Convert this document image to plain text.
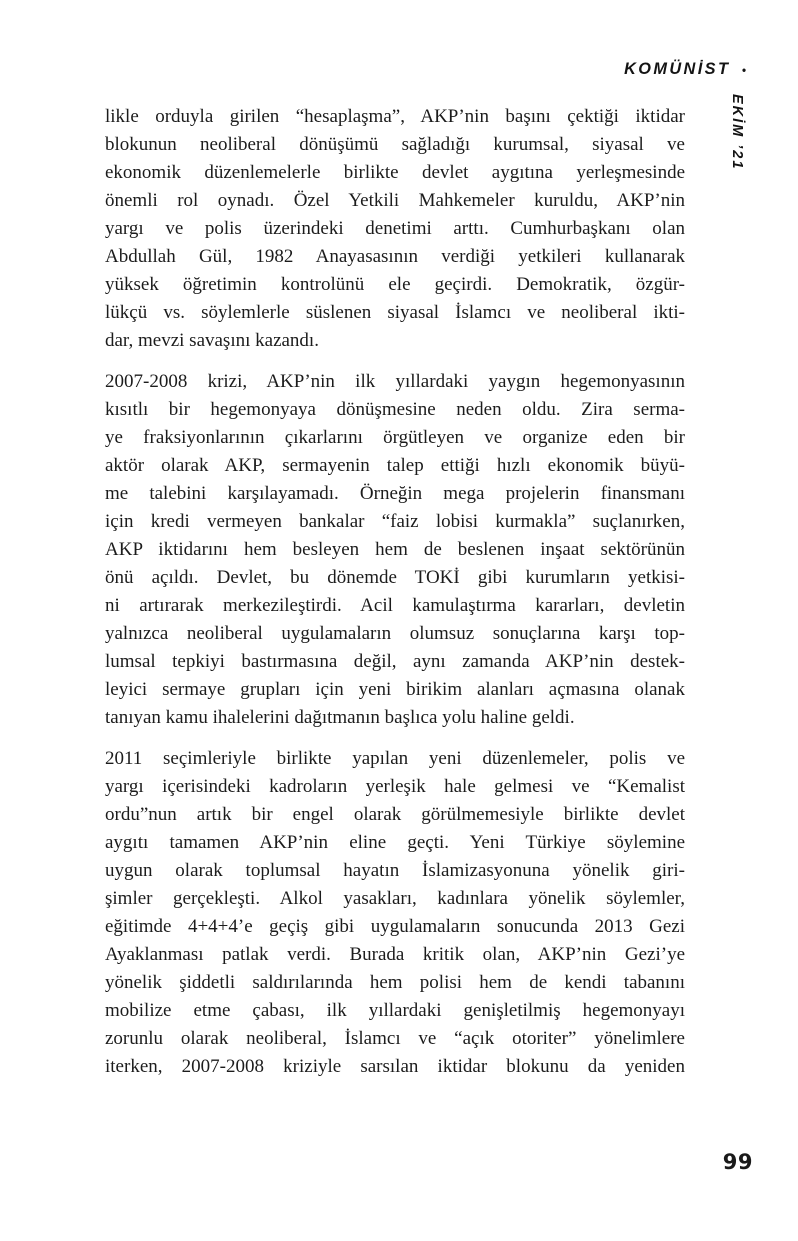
KOMÜNİST •
EKİM ’21

likle orduyla girilen “hesaplaşma”, AKP’nin başını çektiği iktidar
blokunun neoliberal dönüşümü sağladığı kurumsal, siyasal ve
ekonomik düzenlemelerle birlikte devlet aygıtına yerleşmesinde
önemli rol oynadı. Özel Yetkili Mahkemeler kuruldu, AKP’nin
yargı ve polis üzerindeki denetimi arttı. Cumhurbaşkanı olan
Abdullah Gül, 1982 Anayasasının verdiği yetkileri kullanarak
yüksek öğretimin kontrolünü ele geçirdi. Demokratik, özgür-
lükçü vs. söylemlerle süslenen siyasal İslamcı ve neoliberal ikti-
dar, mevzi savaşını kazandı.

2007-2008 krizi, AKP’nin ilk yıllardaki yaygın hegemonyasının
kısıtlı bir hegemonyaya dönüşmesine neden oldu. Zira serma-
ye fraksiyonlarının çıkarlarını örgütleyen ve organize eden bir
aktör olarak AKP, sermayenin talep ettiği hızlı ekonomik büyü-
me talebini karşılayamadı. Örneğin mega projelerin finansmanı
için kredi vermeyen bankalar “faiz lobisi kurmakla” suçlanırken,
AKP iktidarını hem besleyen hem de beslenen inşaat sektörünün
önü açıldı. Devlet, bu dönemde TOKİ gibi kurumların yetkisi-
ni artırarak merkezileştirdi. Acil kamulaştırma kararları, devletin
yalnızca neoliberal uygulamaların olumsuz sonuçlarına karşı top-
lumsal tepkiyi bastırmasına değil, aynı zamanda AKP’nin destek-
leyici sermaye grupları için yeni birikim alanları açmasına olanak
tanıyan kamu ihalelerini dağıtmanın başlıca yolu haline geldi.

2011 seçimleriyle birlikte yapılan yeni düzenlemeler, polis ve
yargı içerisindeki kadroların yerleşik hale gelmesi ve “Kemalist
ordu”nun artık bir engel olarak görülmemesiyle birlikte devlet
aygıtı tamamen AKP’nin eline geçti. Yeni Türkiye söylemine
uygun olarak toplumsal hayatın İslamizasyonuna yönelik giri-
şimler gerçekleşti. Alkol yasakları, kadınlara yönelik söylemler,
eğitimde 4+4+4’e geçiş gibi uygulamaların sonucunda 2013 Gezi
Ayaklanması patlak verdi. Burada kritik olan, AKP’nin Gezi’ye
yönelik şiddetli saldırılarında hem polisi hem de kendi tabanını
mobilize etme çabası, ilk yıllardaki genişletilmiş hegemonyayı
zorunlu olarak neoliberal, İslamcı ve “açık otoriter” yönelimlere
iterken, 2007-2008 kriziyle sarsılan iktidar blokunu da yeniden

99
